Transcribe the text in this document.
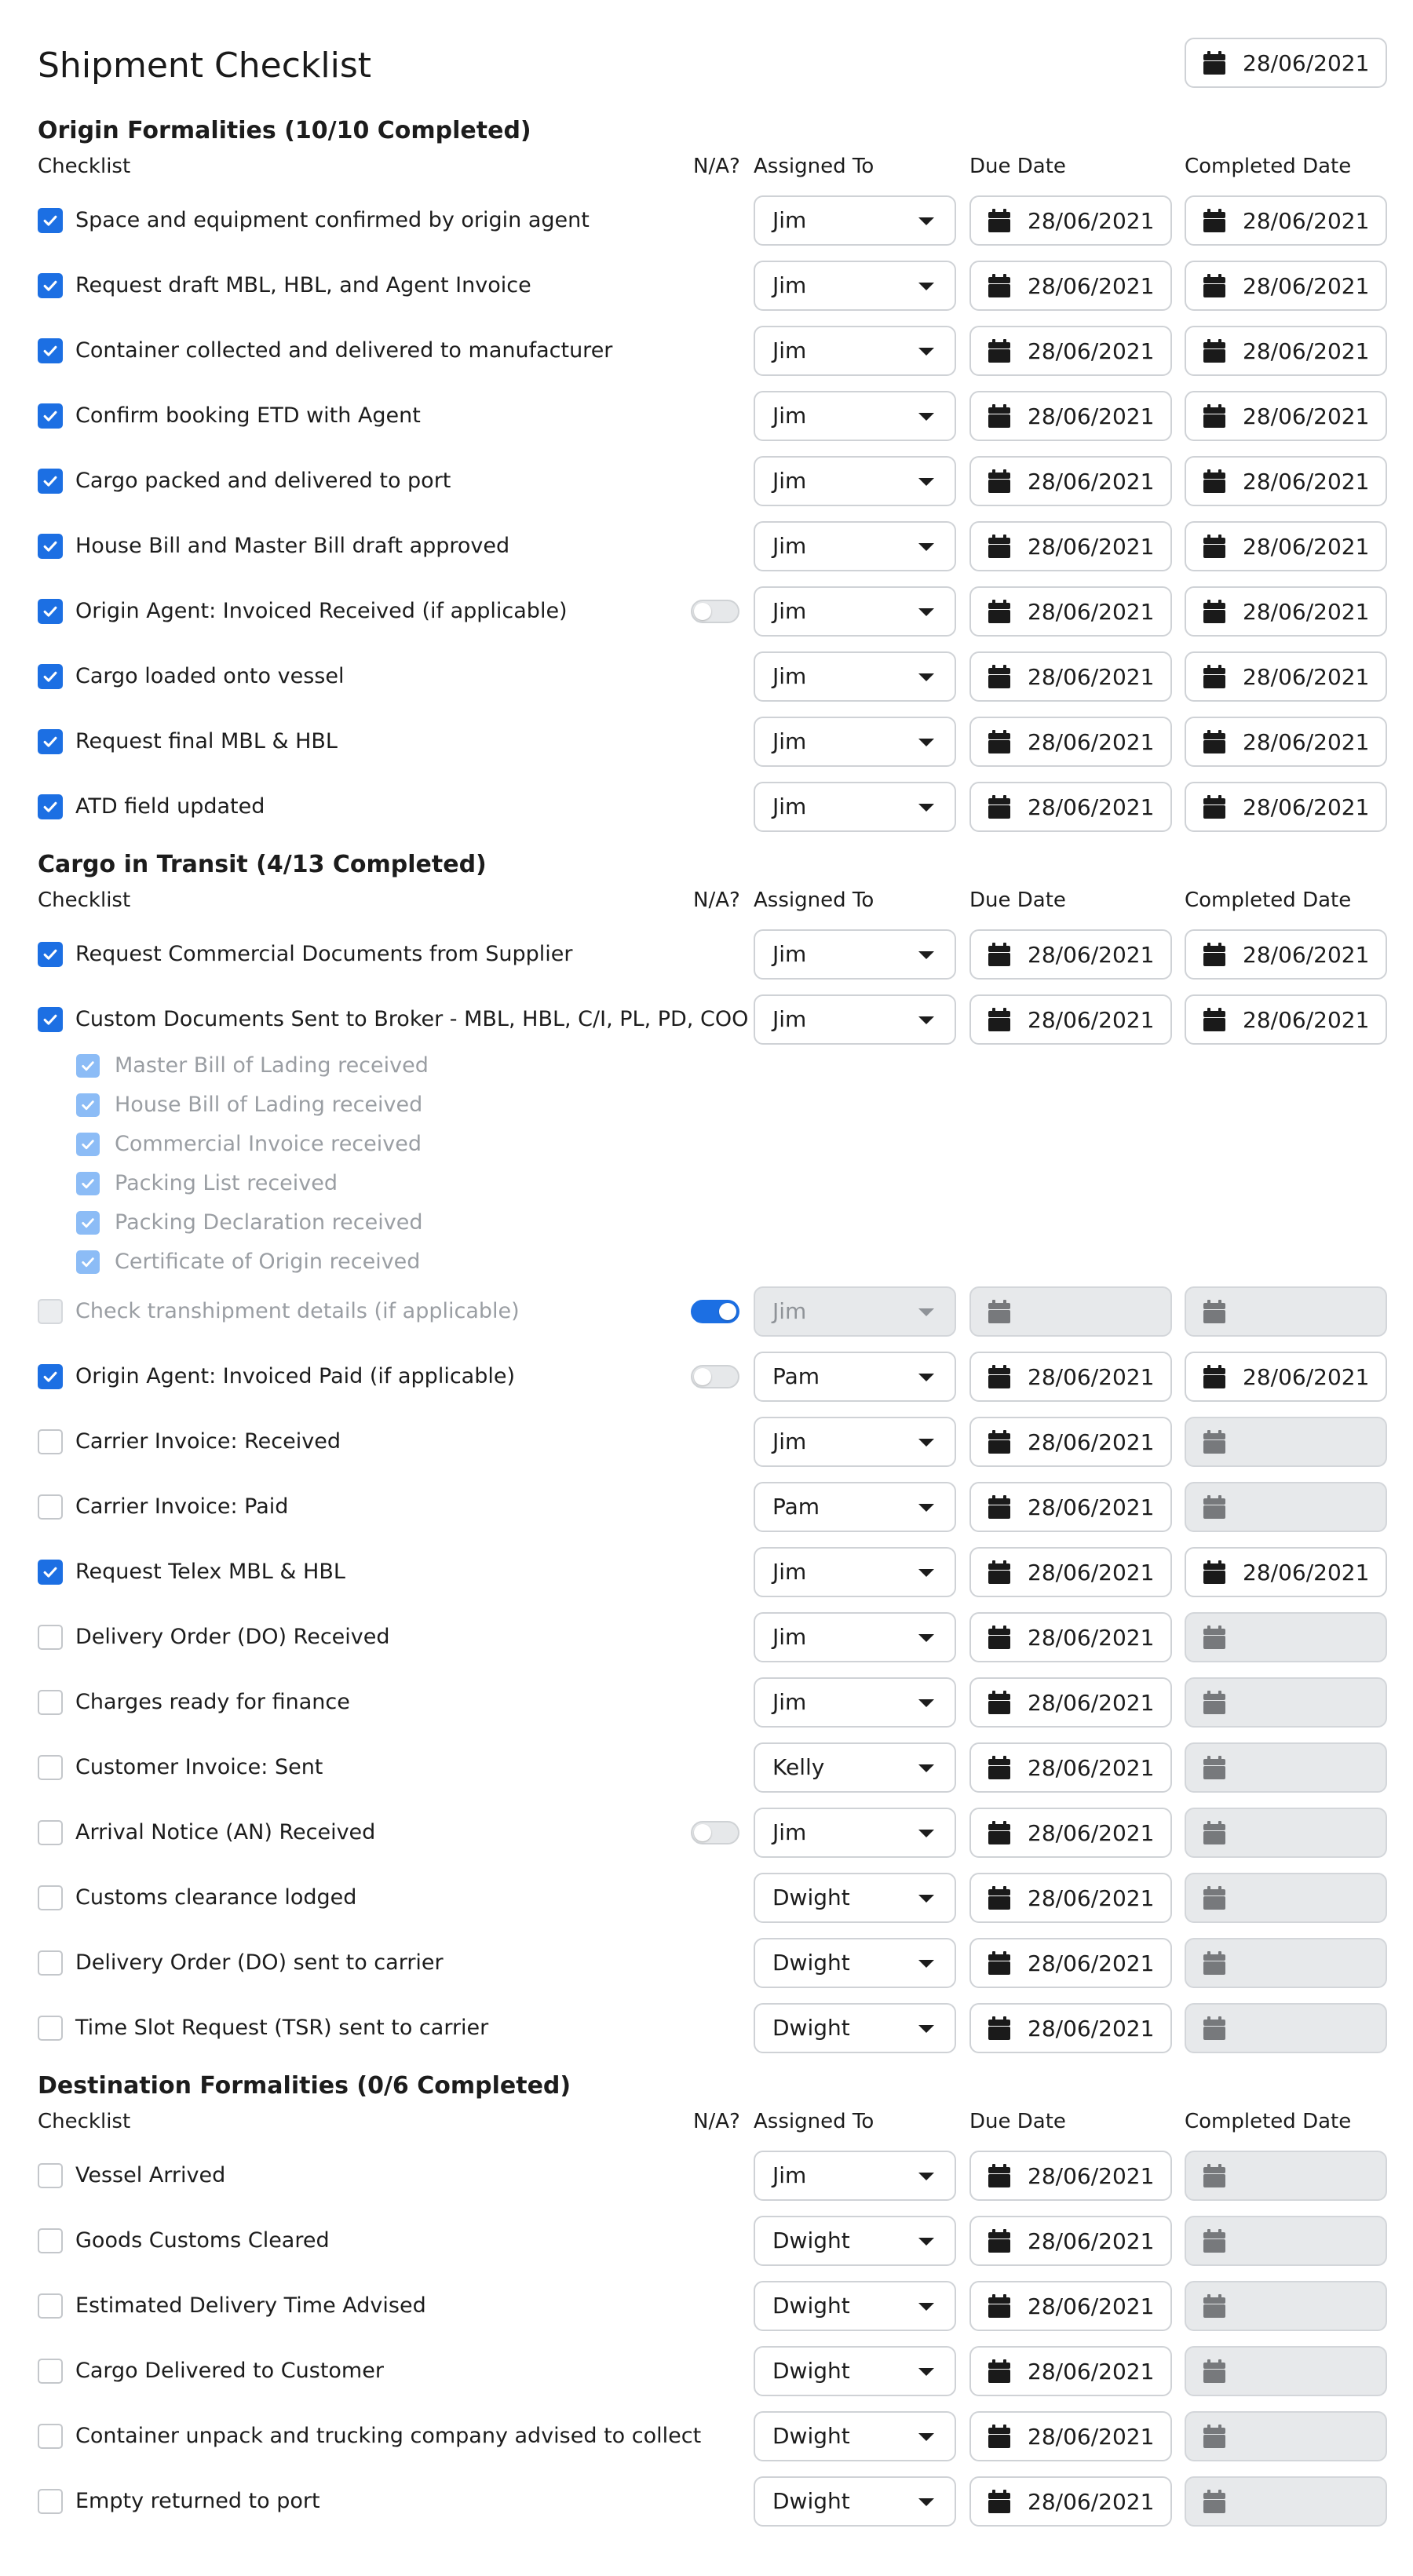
Shipment Checklist	28/06/2021
Origin Formalities (10/10 Completed)
Checklist	N/A? Assigned To	Due Date	Completed Date
Space and equipment confirmed by origin agent	Jim	28/06/2021	28/06/2021
Request draft MBL, HBL, and Agent Invoice	Jim	28/06/2021	28/06/2021
Container collected and delivered to manufacturer	Jim	28/06/2021	28/06/2021
Confirm booking ETD with Agent	Jim	28/06/2021	28/06/2021
Cargo packed and delivered to port	Jim	28/06/2021	28/06/2021
House Bill and Master Bill draft approved	Jim	28/06/2021	28/06/2021
Origin Agent: Invoiced Received (if applicable)	Jim	28/06/2021	28/06/2021
Cargo loaded onto vessel	Jim	28/06/2021	28/06/2021
Request final MBL & HBL	Jim	28/06/2021	28/06/2021
ATD field updated	Jim	28/06/2021	28/06/2021
Cargo in Transit (4/13 Completed)
Checklist	N/A? Assigned To	Due Date	Completed Date
Request Commercial Documents from Supplier	Jim	28/06/2021	28/06/2021
Custom Documents Sent to Broker - MBL, HBL, C/I, PL, PD, COO	Jim	28/06/2021	28/06/2021
Master Bill of Lading received
House Bill of Lading received
Commercial Invoice received
Packing List received
Packing Declaration received
Certificate of Origin received
Check transhipment details (if applicable)	Jim
Origin Agent: Invoiced Paid (if applicable)	Pam	28/06/2021	28/06/2021
Carrier Invoice: Received	Jim	28/06/2021
Carrier Invoice: Paid	Pam	28/06/2021
Request Telex MBL & HBL	Jim	28/06/2021	28/06/2021
Delivery Order (DO) Received	Jim	28/06/2021
Charges ready for finance	Jim	28/06/2021
Customer Invoice: Sent	Kelly	28/06/2021
Arrival Notice (AN) Received	Jim	28/06/2021
Customs clearance lodged	Dwight	28/06/2021
Delivery Order (DO) sent to carrier	Dwight	28/06/2021
Time Slot Request (TSR) sent to carrier	Dwight	28/06/2021
Destination Formalities (0/6 Completed)
Checklist	N/A? Assigned To	Due Date	Completed Date
Vessel Arrived	Jim	28/06/2021
Goods Customs Cleared	Dwight	28/06/2021
Estimated Delivery Time Advised	Dwight	28/06/2021
Cargo Delivered to Customer	Dwight	28/06/2021
Container unpack and trucking company advised to collect	Dwight	28/06/2021
Empty returned to port	Dwight	28/06/2021
